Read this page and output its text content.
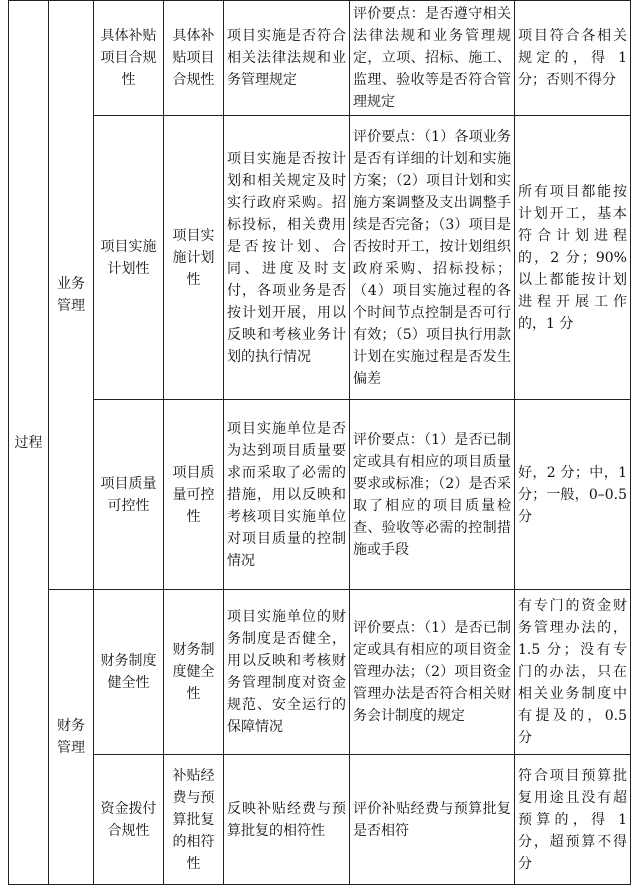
过程	业务管理	具体补贴项目合规性	具体补贴项目合规性	项目实施是否符合相关法律法规和业务管理规定	评价要点：是否遵守相关法律法规和业务管理规定，立项、招标、施工、监理、验收等是否符合管理规定	项目符合各相关规定的，得 1 分；否则不得分
		项目实施计划性	项目实施计划性	项目实施是否按计划和相关规定及时实行政府采购。招标投标，相关费用是否按计划、合同、进度及时支付，各项业务是否按计划开展，用以反映和考核业务计划的执行情况	评价要点：（1）各项业务是否有详细的计划和实施方案；（2）项目计划和实施方案调整及支出调整手续是否完备；（3）项目是否按时开工，按计划组织政府采购、招标投标；（4）项目实施过程的各个时间节点控制是否可行有效；（5）项目执行用款计划在实施过程是否发生偏差	所有项目都能按计划开工，基本符合计划进程的，2 分；90%以上都能按计划进程开展工作的，1 分
		项目质量可控性	项目质量可控性	项目实施单位是否为达到项目质量要求而采取了必需的措施，用以反映和考核项目实施单位对项目质量的控制情况	评价要点：（1）是否已制定或具有相应的项目质量要求或标准；（2）是否采取了相应的项目质量检查、验收等必需的控制措施或手段	好，2 分；中，1 分；一般，0–0.5 分
	财务管理	财务制度健全性	财务制度健全性	项目实施单位的财务制度是否健全，用以反映和考核财务管理制度对资金规范、安全运行的保障情况	评价要点：（1）是否已制定或具有相应的项目资金管理办法；（2）项目资金管理办法是否符合相关财务会计制度的规定	有专门的资金财务管理办法的，1.5 分；没有专门的办法，只在相关业务制度中有提及的，0.5 分
		资金拨付合规性	补贴经费与预算批复的相符性	反映补贴经费与预算批复的相符性	评价补贴经费与预算批复是否相符	符合项目预算批复用途且没有超预算的，得 1 分，超预算不得分
